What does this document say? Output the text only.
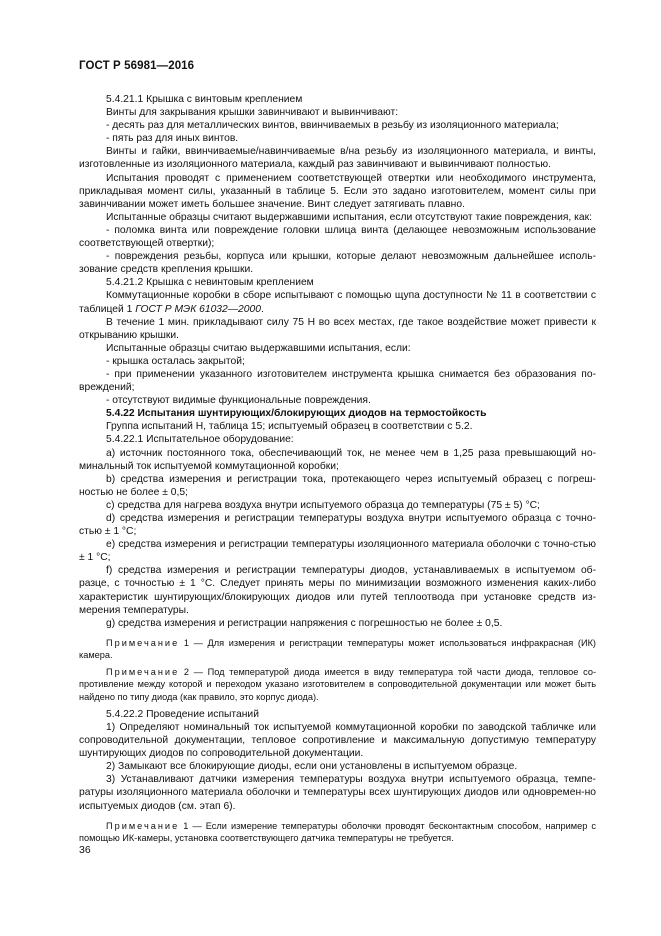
ГОСТ Р 56981—2016

5.4.21.1 Крышка с винтовым креплением

Винты для закрывания крышки завинчивают и вывинчивают:

- десять раз для металлических винтов, ввинчиваемых в резьбу из изоляционного материала;

- пять раз для иных винтов.

Винты и гайки, ввинчиваемые/навинчиваемые в/на резьбу из изоляционного материала, и винты, изготовленные из изоляционного материала, каждый раз завинчивают и вывинчивают полностью.

Испытания проводят с применением соответствующей отвертки или необходимого инструмента, прикладывая момент силы, указанный в таблице 5. Если это задано изготовителем, момент силы при завинчивании может иметь большее значение. Винт следует затягивать плавно.

Испытанные образцы считают выдержавшими испытания, если отсутствуют такие повреждения, как:

- поломка винта или повреждение головки шлица винта (делающее невозможным использование соответствующей отвертки);

- повреждения резьбы, корпуса или крышки, которые делают невозможным дальнейшее исполь-зование средств крепления крышки.

5.4.21.2 Крышка с невинтовым креплением

Коммутационные коробки в сборе испытывают с помощью щупа доступности № 11 в соответствии с таблицей 1 ГОСТ Р МЭК 61032—2000.

В течение 1 мин. прикладывают силу 75 Н во всех местах, где такое воздействие может привести к открыванию крышки.

Испытанные образцы считаю выдержавшими испытания, если:

- крышка осталась закрытой;

- при применении указанного изготовителем инструмента крышка снимается без образования по-вреждений;

- отсутствуют видимые функциональные повреждения.

5.4.22 Испытания шунтирующих/блокирующих диодов на термостойкость

Группа испытаний Н, таблица 15; испытуемый образец в соответствии с 5.2.

5.4.22.1 Испытательное оборудование:

a) источник постоянного тока, обеспечивающий ток, не менее чем в 1,25 раза превышающий но-минальный ток испытуемой коммутационной коробки;

b) средства измерения и регистрации тока, протекающего через испытуемый образец с погреш-ностью не более ± 0,5;

c) средства для нагрева воздуха внутри испытуемого образца до температуры (75 ± 5) °С;

d) средства измерения и регистрации температуры воздуха внутри испытуемого образца с точно-стью ± 1 °С;

e) средства измерения и регистрации температуры изоляционного материала оболочки с точно-стью ± 1 °С;

f) средства измерения и регистрации температуры диодов, устанавливаемых в испытуемом об-разце, с точностью ± 1 °С. Следует принять меры по минимизации возможного изменения каких-либо характеристик шунтирующих/блокирующих диодов или путей теплоотвода при установке средств из-мерения температуры.

g) средства измерения и регистрации напряжения с погрешностью не более ± 0,5.

Примечание 1 — Для измерения и регистрации температуры может использоваться инфракрасная (ИК) камера.

Примечание 2 — Под температурой диода имеется в виду температура той части диода, тепловое со-противление между которой и переходом указано изготовителем в сопроводительной документации или может быть найдено по типу диода (как правило, это корпус диода).

5.4.22.2 Проведение испытаний

1) Определяют номинальный ток испытуемой коммутационной коробки по заводской табличке или сопроводительной документации, тепловое сопротивление и максимальную допустимую температуру шунтирующих диодов по сопроводительной документации.

2) Замыкают все блокирующие диоды, если они установлены в испытуемом образце.

3) Устанавливают датчики измерения температуры воздуха внутри испытуемого образца, темпе-ратуры изоляционного материала оболочки и температуры всех шунтирующих диодов или одновремен-но испытуемых диодов (см. этап 6).

Примечание 1 — Если измерение температуры оболочки проводят бесконтактным способом, например с помощью ИК-камеры, установка соответствующего датчика температуры не требуется.

36
